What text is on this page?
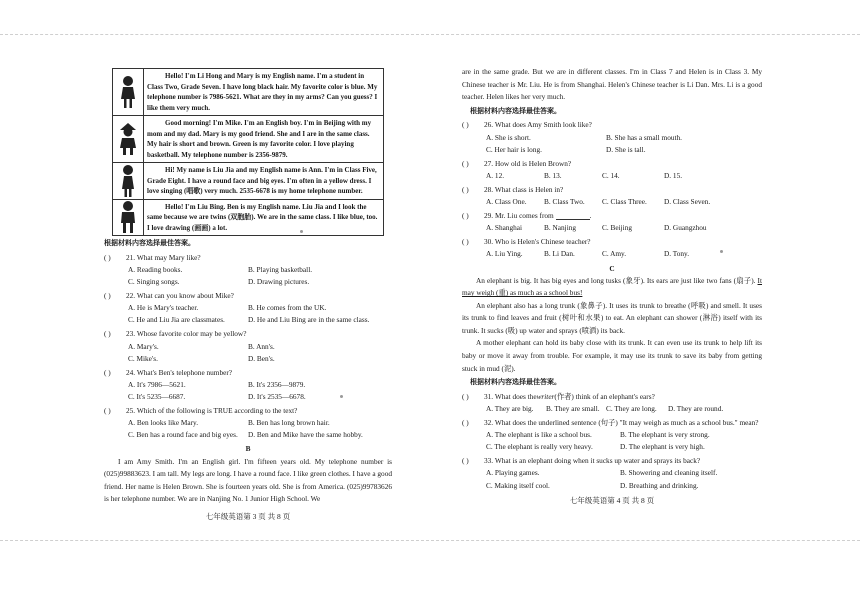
	Hello! I'm Li Hong and Mary is my English name. I'm a student in Class Two, Grade Seven. I have long black hair. My favorite color is blue. My telephone number is 7986-5621. What are they in my arms? Can you guess? I like them very much.

	Good morning! I'm Mike. I'm an English boy. I'm in Beijing with my mom and my dad. Mary is my good friend. She and I are in the same class. My hair is short and brown. Green is my favorite color. I love playing basketball. My telephone number is 2356-9879.

	Hi! My name is Liu Jia and my English name is Ann. I'm in Class Five, Grade Eight. I have a round face and big eyes. I'm often in a yellow dress. I love singing (唱歌) very much. 2535-6678 is my home telephone number.

	Hello! I'm Liu Bing. Ben is my English name. Liu Jia and I look the same because we are twins (双胞胎). We are in the same class. I like blue, too. I love drawing (画画) a lot.
根据材料内容选择最佳答案。
( )	21. What may Mary like?
A. Reading books.	B. Playing basketball.
C. Singing songs.	D. Drawing pictures.
( )	22. What can you know about Mike?
A. He is Mary's teacher.	B. He comes from the UK.
C. He and Liu Jia are classmates.	D. He and Liu Bing are in the same class.
( )	23. Whose favorite color may be yellow?
A. Mary's.	B. Ann's.
C. Mike's.	D. Ben's.
( )	24. What's Ben's telephone number?
A. It's 7986—5621.	B. It's 2356—9879.
C. It's 5235—6687.	D. It's 2535—6678.
( )	25. Which of the following is TRUE according to the text?
A. Ben looks like Mary.	B. Ben has long brown hair.
C. Ben has a round face and big eyes.	D. Ben and Mike have the same hobby.
B

I am Amy Smith. I'm an English girl. I'm fifteen years old. My telephone number is (025)99883623. I am tall. My legs are long. I have a round face. I like green clothes. I have a good friend. Her name is Helen Brown. She is fourteen years old. She is from America. (025)99783626 is her telephone number. We are in Nanjing No. 1 Junior High School. We

七年级英语第 3 页 共 8 页

are in the same grade. But we are in different classes. I'm in Class 7 and Helen is in Class 3. My Chinese teacher is Mr. Liu. He is from Shanghai. Helen's Chinese teacher is Li Dan. Mrs. Li is a good teacher. Helen likes her very much.

根据材料内容选择最佳答案。
( )	26. What does Amy Smith look like?
A. She is short.	B. She has a small mouth.
C. Her hair is long.	D. She is tall.
( )	27. How old is Helen Brown?
A. 12.	B. 13.	C. 14.	D. 15.
( )	28. What class is Helen in?
A. Class One.	B. Class Two.	C. Class Three.	D. Class Seven.
( )	29. Mr. Liu comes from
	.
A. Shanghai	B. Nanjing	C. Beijing	D. Guangzhou
( )	30. Who is Helen's Chinese teacher?
A. Liu Ying.	B. Li Dan.	C. Amy.	D. Tony.
C

An elephant is big. It has big eyes and long tusks (象牙). Its ears are just like two fans (扇子). It may weigh (重) as much as a school bus!

An elephant also has a long trunk (象鼻子). It uses its trunk to breathe (呼吸) and smell. It uses its trunk to find leaves and fruit (树叶和水果) to eat. An elephant can shower (淋浴) itself with its trunk. It sucks (吸) up water and sprays (喷洒) its back.

A mother elephant can hold its baby close with its trunk. It can even use its trunk to help lift its baby or move it away from trouble. For example, it may use its trunk to save its baby from getting stuck in mud (泥).

根据材料内容选择最佳答案。
( )	31. What does the writer (作者) think of an elephant's ears?
A. They are big.	B. They are small. C. They are long.	D. They are round.
( )	32. What does the underlined sentence (句子) "It may weigh as much as a school bus." mean?
A. The elephant is like a school bus.	B. The elephant is very strong.
C. The elephant is really very heavy.	D. The elephant is very high.
( )	33. What is an elephant doing when it sucks up water and sprays its back?
A. Playing games.	B. Showering and cleaning itself.
C. Making itself cool.	D. Breathing and drinking.
七年级英语第 4 页 共 8 页
